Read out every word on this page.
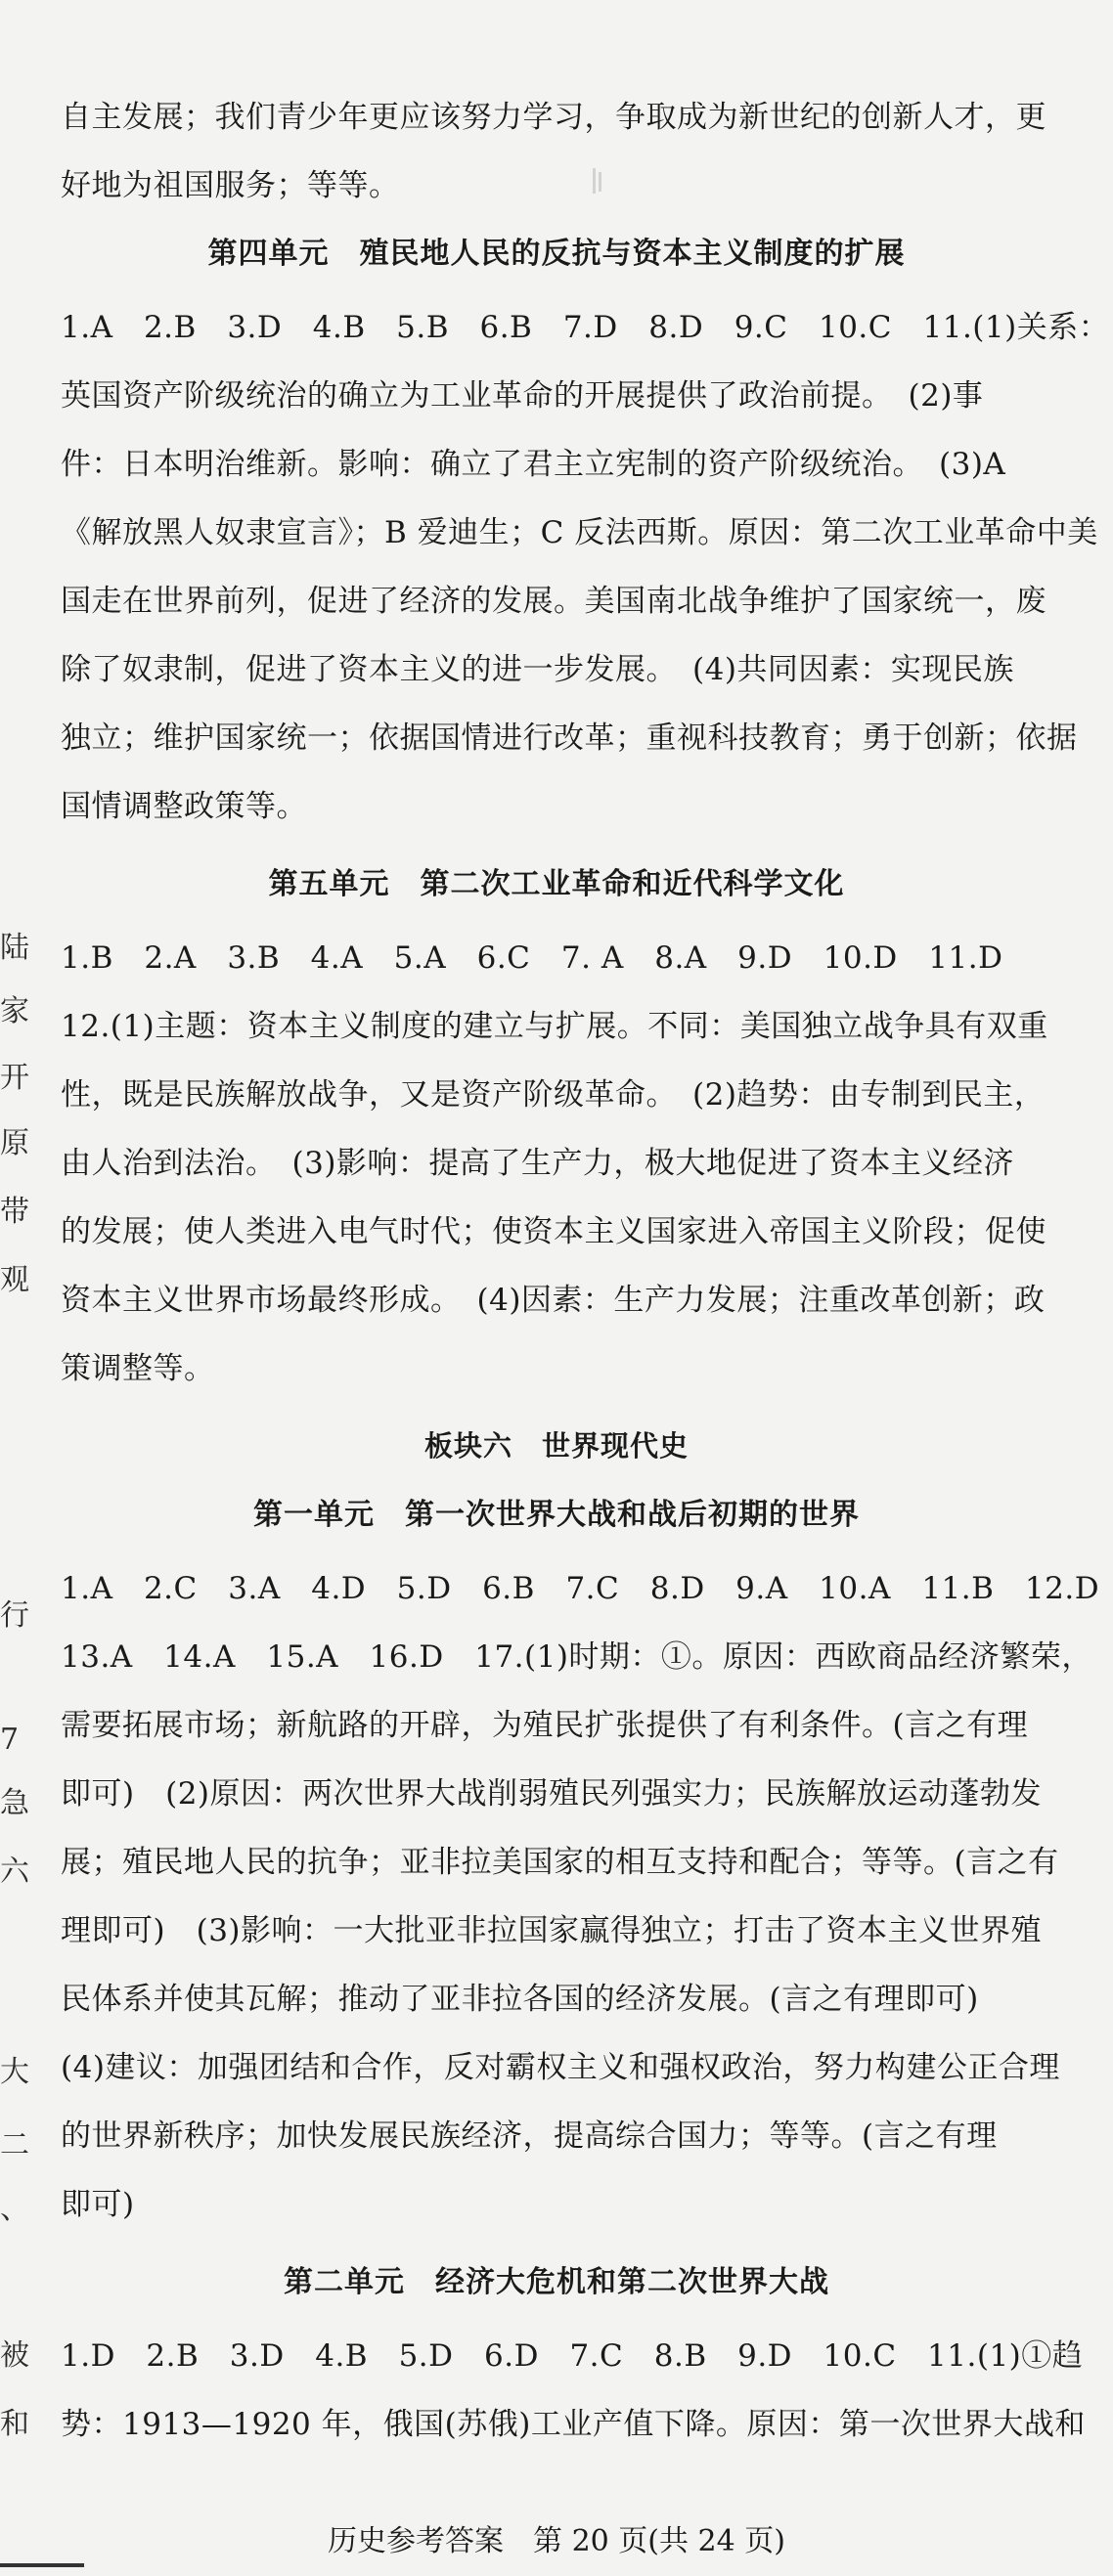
陆
家
开
原
带
观
行
7
急
六
大
二
、
被
和
自主发展；我们青少年更应该努力学习，争取成为新世纪的创新人才，更
好地为祖国服务；等等。
第四单元　殖民地人民的反抗与资本主义制度的扩展
1.A　2.B　3.D　4.B　5.B　6.B　7.D　8.D　9.C　10.C　11.(1)关系：
英国资产阶级统治的确立为工业革命的开展提供了政治前提。　(2)事
件：日本明治维新。影响：确立了君主立宪制的资产阶级统治。　(3)A
《解放黑人奴隶宣言》；B 爱迪生；C 反法西斯。原因：第二次工业革命中美
国走在世界前列，促进了经济的发展。美国南北战争维护了国家统一，废
除了奴隶制，促进了资本主义的进一步发展。　(4)共同因素：实现民族
独立；维护国家统一；依据国情进行改革；重视科技教育；勇于创新；依据
国情调整政策等。
第五单元　第二次工业革命和近代科学文化
1.B　2.A　3.B　4.A　5.A　6.C　7. A　8.A　9.D　10.D　11.D
12.(1)主题：资本主义制度的建立与扩展。不同：美国独立战争具有双重
性，既是民族解放战争，又是资产阶级革命。　(2)趋势：由专制到民主，
由人治到法治。　(3)影响：提高了生产力，极大地促进了资本主义经济
的发展；使人类进入电气时代；使资本主义国家进入帝国主义阶段；促使
资本主义世界市场最终形成。　(4)因素：生产力发展；注重改革创新；政
策调整等。
板块六　世界现代史
第一单元　第一次世界大战和战后初期的世界
1.A　2.C　3.A　4.D　5.D　6.B　7.C　8.D　9.A　10.A　11.B　12.D
13.A　14.A　15.A　16.D　17.(1)时期：①。原因：西欧商品经济繁荣，
需要拓展市场；新航路的开辟，为殖民扩张提供了有利条件。(言之有理
即可)　(2)原因：两次世界大战削弱殖民列强实力；民族解放运动蓬勃发
展；殖民地人民的抗争；亚非拉美国家的相互支持和配合；等等。(言之有
理即可)　(3)影响：一大批亚非拉国家赢得独立；打击了资本主义世界殖
民体系并使其瓦解；推动了亚非拉各国的经济发展。(言之有理即可)
(4)建议：加强团结和合作，反对霸权主义和强权政治，努力构建公正合理
的世界新秩序；加快发展民族经济，提高综合国力；等等。(言之有理
即可)
第二单元　经济大危机和第二次世界大战
1.D　2.B　3.D　4.B　5.D　6.D　7.C　8.B　9.D　10.C　11.(1)①趋
势：1913—1920 年，俄国(苏俄)工业产值下降。原因：第一次世界大战和
历史参考答案　第 20 页(共 24 页)
